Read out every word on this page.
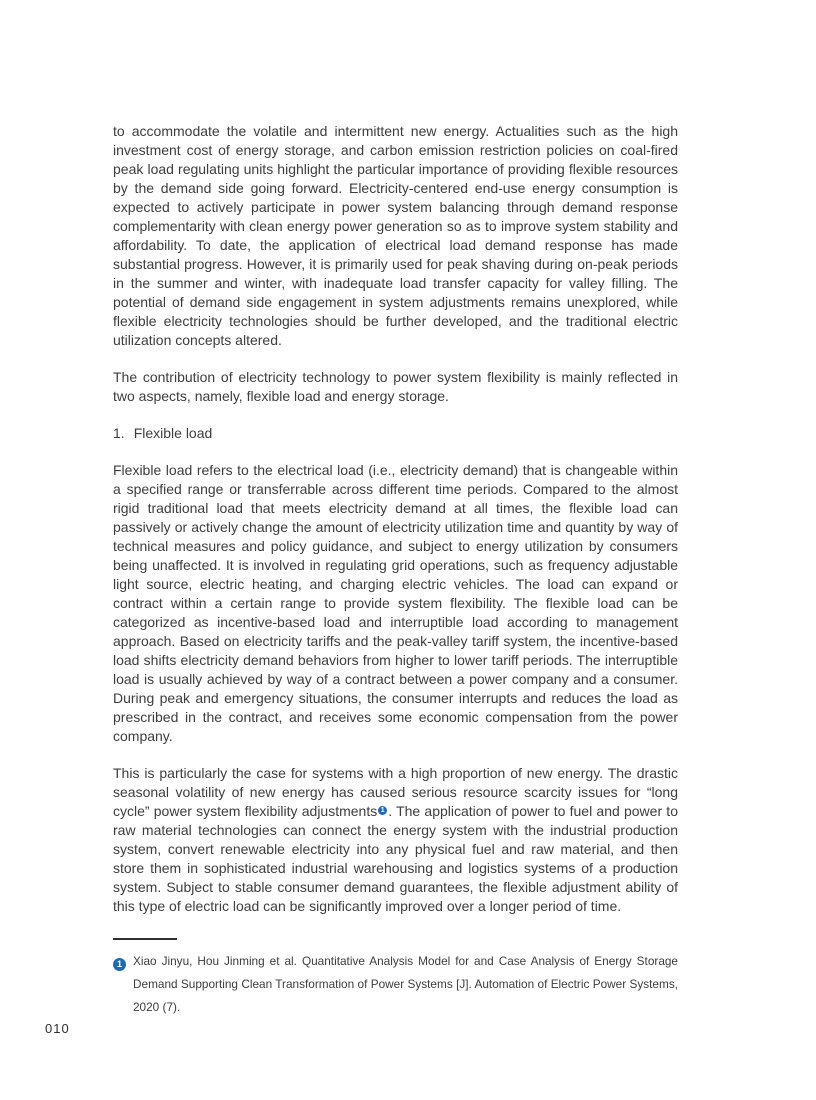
to accommodate the volatile and intermittent new energy. Actualities such as the high investment cost of energy storage, and carbon emission restriction policies on coal-fired peak load regulating units highlight the particular importance of providing flexible resources by the demand side going forward. Electricity-centered end-use energy consumption is expected to actively participate in power system balancing through demand response complementarity with clean energy power generation so as to improve system stability and affordability. To date, the application of electrical load demand response has made substantial progress. However, it is primarily used for peak shaving during on-peak periods in the summer and winter, with inadequate load transfer capacity for valley filling. The potential of demand side engagement in system adjustments remains unexplored, while flexible electricity technologies should be further developed, and the traditional electric utilization concepts altered.

The contribution of electricity technology to power system flexibility is mainly reflected in two aspects, namely, flexible load and energy storage.

1. Flexible load

Flexible load refers to the electrical load (i.e., electricity demand) that is changeable within a specified range or transferrable across different time periods. Compared to the almost rigid traditional load that meets electricity demand at all times, the flexible load can passively or actively change the amount of electricity utilization time and quantity by way of technical measures and policy guidance, and subject to energy utilization by consumers being unaffected. It is involved in regulating grid operations, such as frequency adjustable light source, electric heating, and charging electric vehicles. The load can expand or contract within a certain range to provide system flexibility. The flexible load can be categorized as incentive-based load and interruptible load according to management approach. Based on electricity tariffs and the peak-valley tariff system, the incentive-based load shifts electricity demand behaviors from higher to lower tariff periods. The interruptible load is usually achieved by way of a contract between a power company and a consumer. During peak and emergency situations, the consumer interrupts and reduces the load as prescribed in the contract, and receives some economic compensation from the power company.

This is particularly the case for systems with a high proportion of new energy. The drastic seasonal volatility of new energy has caused serious resource scarcity issues for “long cycle” power system flexibility adjustments 1 . The application of power to fuel and power to raw material technologies can connect the energy system with the industrial production system, convert renewable electricity into any physical fuel and raw material, and then store them in sophisticated industrial warehousing and logistics systems of a production system. Subject to stable consumer demand guarantees, the flexible adjustment ability of this type of electric load can be significantly improved over a longer period of time.

1 Xiao Jinyu, Hou Jinming et al. Quantitative Analysis Model for and Case Analysis of Energy Storage Demand Supporting Clean Transformation of Power Systems [J]. Automation of Electric Power Systems, 2020 (7).
010
